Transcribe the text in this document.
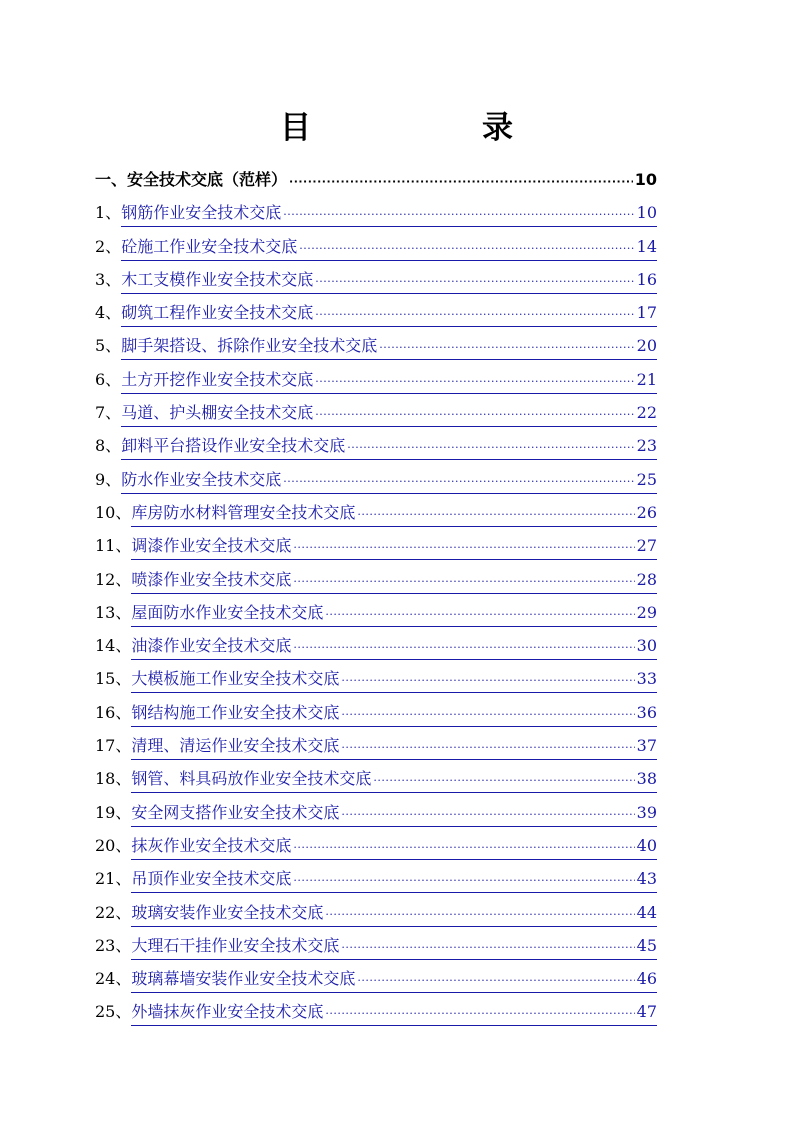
目　录
一、安全技术交底（范样） ·····	10
1、 钢筋作业安全技术交底 ·····	10
2、 砼施工作业安全技术交底 ·····	14
3、 木工支模作业安全技术交底 ·····	16
4、 砌筑工程作业安全技术交底 ·····	17
5、 脚手架搭设、拆除作业安全技术交底 ·····	20
6、 土方开挖作业安全技术交底 ·····	21
7、 马道、护头棚安全技术交底 ·····	22
8、 卸料平台搭设作业安全技术交底 ·····	23
9、 防水作业安全技术交底 ·····	25
10、 库房防水材料管理安全技术交底 ·····	26
11、 调漆作业安全技术交底 ·····	27
12、 喷漆作业安全技术交底 ·····	28
13、 屋面防水作业安全技术交底 ·····	29
14、 油漆作业安全技术交底 ·····	30
15、 大模板施工作业安全技术交底 ·····	33
16、 钢结构施工作业安全技术交底 ·····	36
17、 清理、清运作业安全技术交底 ·····	37
18、 钢管、料具码放作业安全技术交底 ·····	38
19、 安全网支搭作业安全技术交底 ·····	39
20、 抹灰作业安全技术交底 ·····	40
21、 吊顶作业安全技术交底 ·····	43
22、 玻璃安装作业安全技术交底 ·····	44
23、 大理石干挂作业安全技术交底 ·····	45
24、 玻璃幕墙安装作业安全技术交底 ·····	46
25、 外墙抹灰作业安全技术交底 ·····	47
